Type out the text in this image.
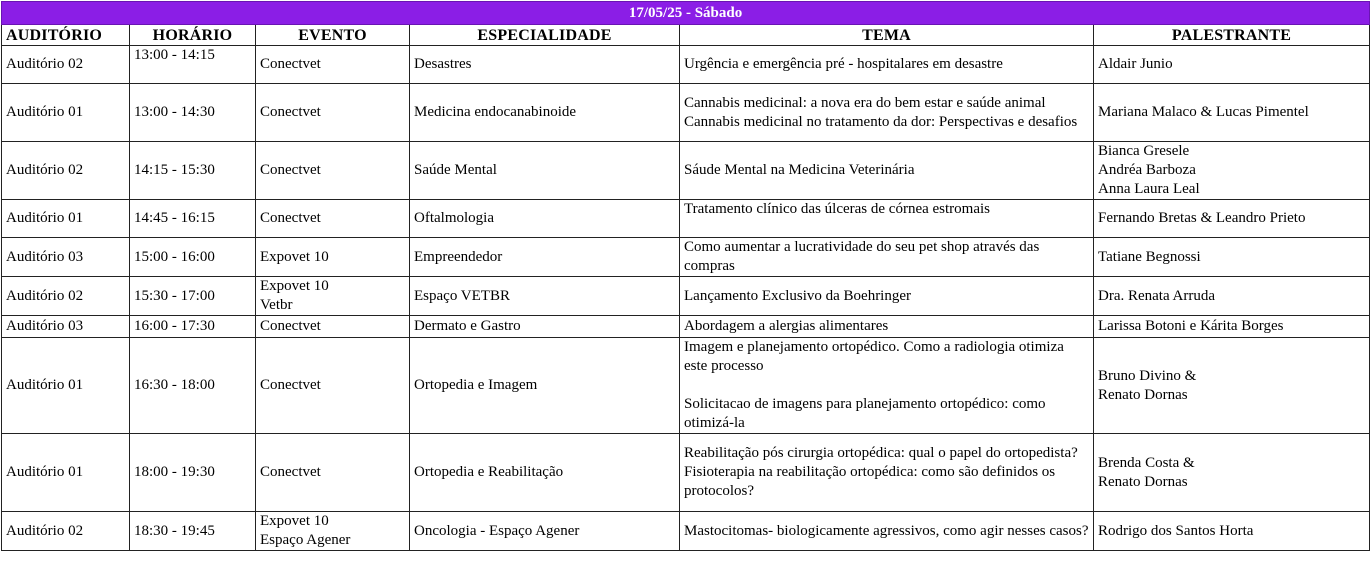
17/05/25 - Sábado					
AUDITÓRIO	HORÁRIO	EVENTO	ESPECIALIDADE	TEMA	PALESTRANTE
Auditório 02	13:00 - 14:15	Conectvet	Desastres	Urgência e emergência pré - hospitalares em desastre	Aldair Junio

Auditório 01	13:00 - 14:30	Conectvet	Medicina endocanabinoide	Cannabis medicinal: a nova era do bem estar e saúde animal
Cannabis medicinal no tratamento da dor: Perspectivas e desafios	Mariana Malaco & Lucas Pimentel

Auditório 02	14:15 - 15:30	Conectvet	Saúde Mental	Sáude Mental na Medicina Veterinária	Bianca Gresele
Andréa Barboza
Anna Laura Leal

Auditório 01	14:45 - 16:15	Conectvet	Oftalmologia	Tratamento clínico das úlceras de córnea estromais	Fernando Bretas & Leandro Prieto

Auditório 03	15:00 - 16:00	Expovet 10	Empreendedor	Como aumentar a lucratividade do seu pet shop através das compras	Tatiane Begnossi

Auditório 02	15:30 - 17:00	Expovet 10
Vetbr	Espaço VETBR	Lançamento Exclusivo da Boehringer	Dra. Renata Arruda

Auditório 03	16:00 - 17:30	Conectvet	Dermato e Gastro	Abordagem a alergias alimentares	Larissa Botoni e Kárita Borges

Auditório 01	16:30 - 18:00	Conectvet	Ortopedia e Imagem	Imagem e planejamento ortopédico. Como a radiologia otimiza este processo
Solicitacao de imagens para planejamento ortopédico: como otimizá-la	Bruno Divino &
Renato Dornas

Auditório 01	18:00 - 19:30	Conectvet	Ortopedia e Reabilitação	Reabilitação pós cirurgia ortopédica: qual o papel do ortopedista?
Fisioterapia na reabilitação ortopédica: como são definidos os protocolos?	Brenda Costa &
Renato Dornas

Auditório 02	18:30 - 19:45	Expovet 10
Espaço Agener	Oncologia - Espaço Agener	Mastocitomas- biologicamente agressivos, como agir nesses casos?	Rodrigo dos Santos Horta
